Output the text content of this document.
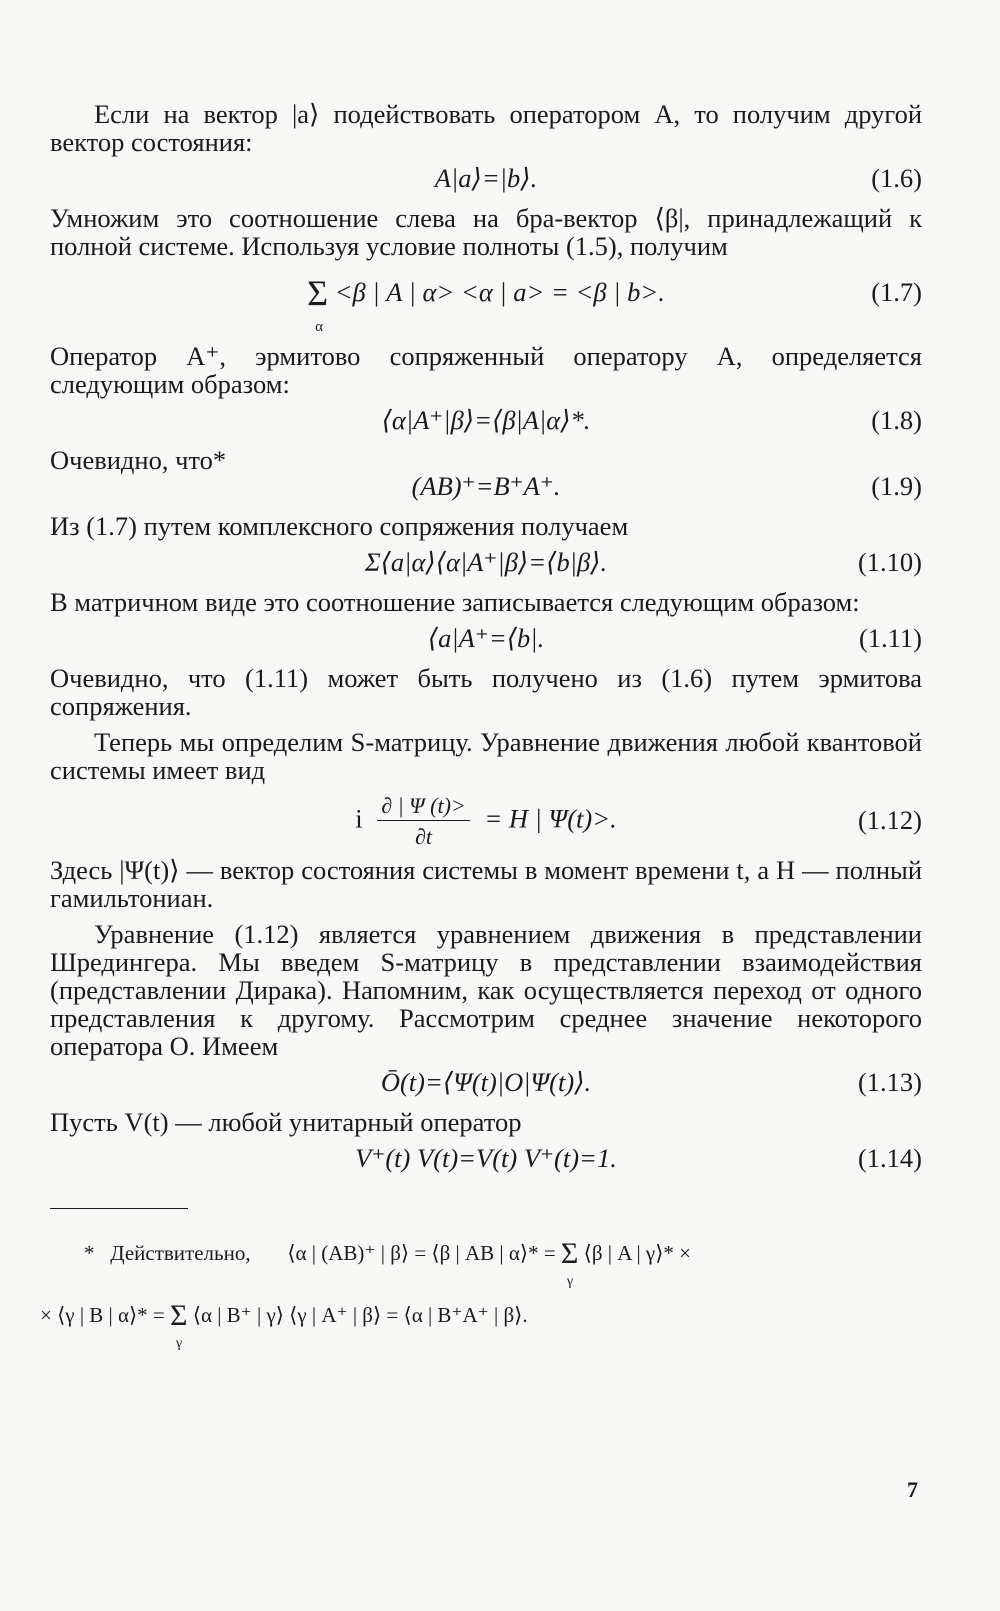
Если на вектор |a⟩ подействовать оператором A, то получим другой вектор состояния:

A|a⟩=|b⟩.	(1.6)

Умножим это соотношение слева на бра-вектор ⟨β|, принадлежащий к полной системе. Используя условие полноты (1.5), получим

Σ
α
<β | A | α> <α | a> = <β | b>.	(1.7)

Оператор A⁺, эрмитово сопряженный оператору A, определяется следующим образом:

⟨α|A⁺|β⟩=⟨β|A|α⟩*.	(1.8)

Очевидно, что*

(AB)⁺=B⁺A⁺.	(1.9)

Из (1.7) путем комплексного сопряжения получаем

Σ⟨a|α⟩⟨α|A⁺|β⟩=⟨b|β⟩.	(1.10)

В матричном виде это соотношение записывается следующим образом:

⟨a|A⁺=⟨b|.	(1.11)

Очевидно, что (1.11) может быть получено из (1.6) путем эрмитова сопряжения.

Теперь мы определим S-матрицу. Уравнение движения любой квантовой системы имеет вид

i $\frac{\partial | \Psi (t)>}{\partial t} = H$ | Ψ(t)>.	(1.12)

Здесь |Ψ(t)⟩ — вектор состояния системы в момент времени t, а H — полный гамильтониан.

Уравнение (1.12) является уравнением движения в представлении Шредингера. Мы введем S-матрицу в представлении взаимодействия (представлении Дирака). Напомним, как осуществляется переход от одного представления к другому. Рассмотрим среднее значение некоторого оператора O. Имеем

Ō(t)=⟨Ψ(t)|O|Ψ(t)⟩.	(1.13)

Пусть V(t) — любой унитарный оператор

V⁺(t) V(t)=V(t) V⁺(t)=1.	(1.14)
* Действительно, ⟨α | (AB)⁺ | β⟩ = ⟨β | AB | α⟩* = Σ
γ
⟨β | A | γ⟩* ×
× ⟨γ | B | α⟩* = Σ
γ
⟨α | B⁺ | γ⟩ ⟨γ | A⁺ | β⟩ = ⟨α | B⁺A⁺ | β⟩.
7
